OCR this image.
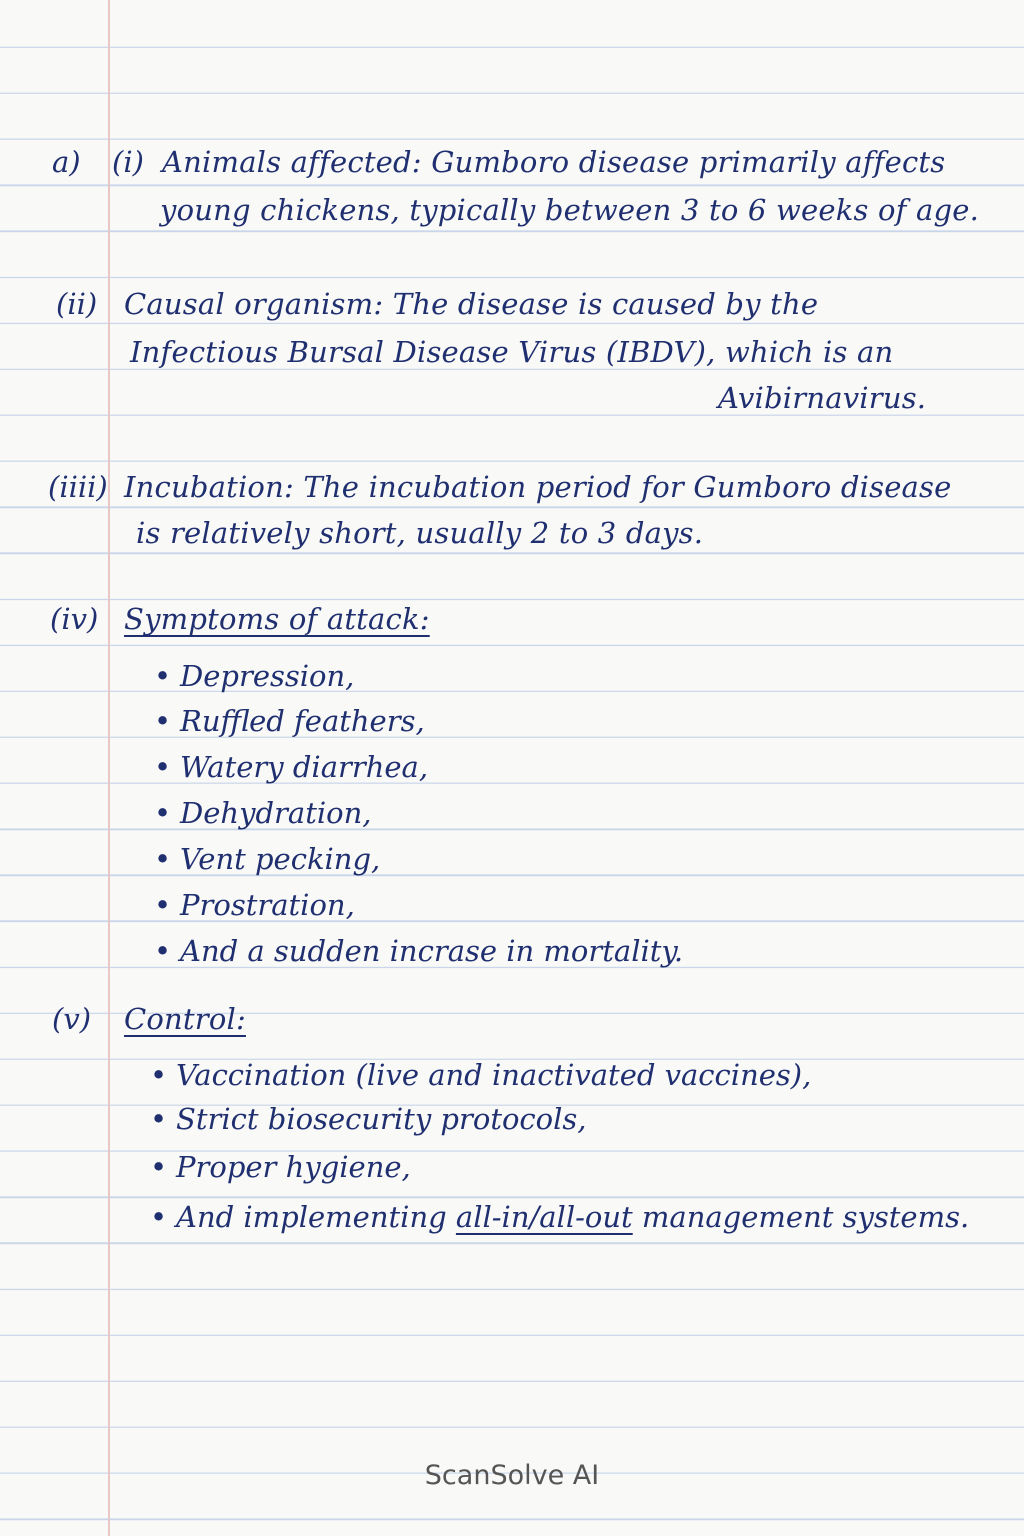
a) (i) Animals affected: Gumboro disease primarily affects
young chickens, typically between 3 to 6 weeks of age.
(ii) Causal organism: The disease is caused by the
Infectious Bursal Disease Virus (IBDV), which is an
Avibirnavirus.
(iiii) Incubation: The incubation period for Gumboro disease
is relatively short, usually 2 to 3 days.
(iv) Symptoms of attack:
• Depression,
• Ruffled feathers,
• Watery diarrhea,
• Dehydration,
• Vent pecking,
• Prostration,
• And a sudden incrase in mortality.
(v) Control:
• Vaccination (live and inactivated vaccines),
• Strict biosecurity protocols,
• Proper hygiene,
• And implementing all-in/all-out management systems.
ScanSolve AI
